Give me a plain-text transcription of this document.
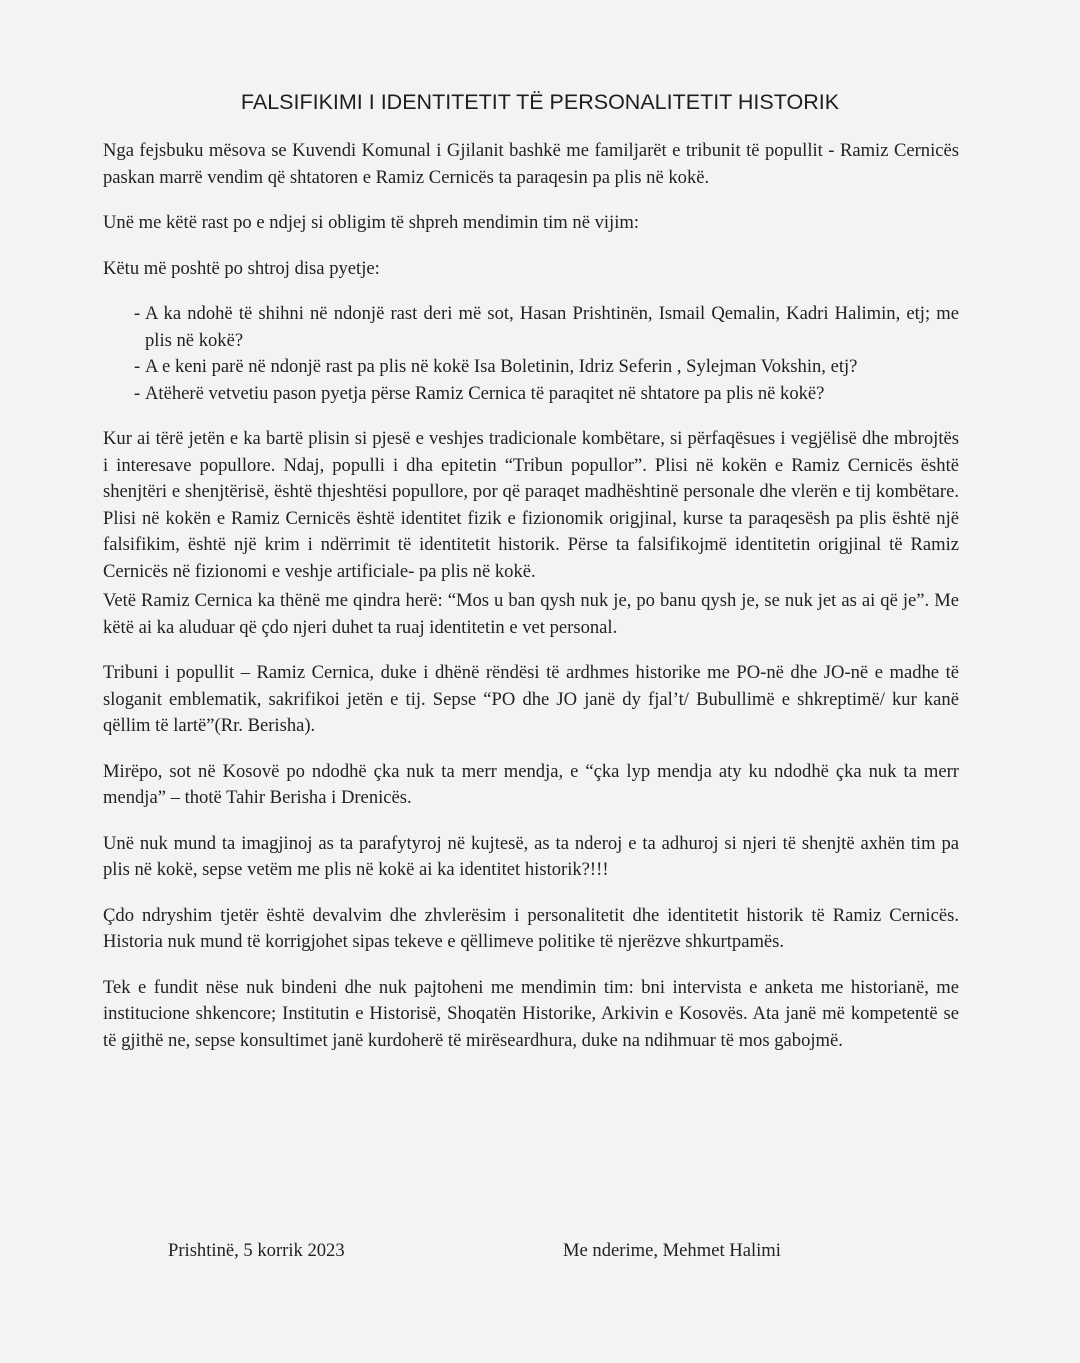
FALSIFIKIMI I IDENTITETIT TË PERSONALITETIT HISTORIK

Nga fejsbuku mësova se Kuvendi Komunal i Gjilanit bashkë me familjarët e tribunit të popullit - Ramiz Cernicës paskan marrë vendim që shtatoren e Ramiz Cernicës ta paraqesin pa plis në kokë.

Unë me këtë rast po e ndjej si obligim të shpreh mendimin tim në vijim:

Këtu më poshtë po shtroj disa pyetje:

- A ka ndohë të shihni në ndonjë rast deri më sot, Hasan Prishtinën, Ismail Qemalin, Kadri Halimin, etj; me plis në kokë?
- A e keni parë në ndonjë rast pa plis në kokë Isa Boletinin, Idriz Seferin , Sylejman Vokshin, etj?
- Atëherë vetvetiu pason pyetja përse Ramiz Cernica të paraqitet në shtatore pa plis në kokë?

Kur ai tërë jetën e ka bartë plisin si pjesë e veshjes tradicionale kombëtare, si përfaqësues i vegjëlisë dhe mbrojtës i interesave popullore. Ndaj, populli i dha epitetin “Tribun popullor”. Plisi në kokën e Ramiz Cernicës është shenjtëri e shenjtërisë, është thjeshtësi popullore, por që paraqet madhështinë personale dhe vlerën e tij kombëtare. Plisi në kokën e Ramiz Cernicës është identitet fizik e fizionomik origjinal, kurse ta paraqesësh pa plis është një falsifikim, është një krim i ndërrimit të identitetit historik. Përse ta falsifikojmë identitetin origjinal të Ramiz Cernicës në fizionomi e veshje artificiale- pa plis në kokë.

Vetë Ramiz Cernica ka thënë me qindra herë: “Mos u ban qysh nuk je, po banu qysh je, se nuk jet as ai që je”. Me këtë ai ka aluduar që çdo njeri duhet ta ruaj identitetin e vet personal.

Tribuni i popullit – Ramiz Cernica, duke i dhënë rëndësi të ardhmes historike me PO-në dhe JO-në e madhe të sloganit emblematik, sakrifikoi jetën e tij. Sepse “PO dhe JO janë dy fjal’t/ Bubullimë e shkreptimë/ kur kanë qëllim të lartë”(Rr. Berisha).

Mirëpo, sot në Kosovë po ndodhë çka nuk ta merr mendja, e “çka lyp mendja aty ku ndodhë çka nuk ta merr mendja” – thotë Tahir Berisha i Drenicës.

Unë nuk mund ta imagjinoj as ta parafytyroj në kujtesë, as ta nderoj e ta adhuroj si njeri të shenjtë axhën tim pa plis në kokë, sepse vetëm me plis në kokë ai ka identitet historik?!!!

Çdo ndryshim tjetër është devalvim dhe zhvlerësim i personalitetit dhe identitetit historik të Ramiz Cernicës. Historia nuk mund të korrigjohet sipas tekeve e qëllimeve politike të njerëzve shkurtpamës.

Tek e fundit nëse nuk bindeni dhe nuk pajtoheni me mendimin tim: bni intervista e anketa me historianë, me institucione shkencore; Institutin e Historisë, Shoqatën Historike, Arkivin e Kosovës. Ata janë më kompetentë se të gjithë ne, sepse konsultimet janë kurdoherë të mirëseardhura, duke na ndihmuar të mos gabojmë.

Prishtinë, 5 korrik 2023	Me nderime, Mehmet Halimi
